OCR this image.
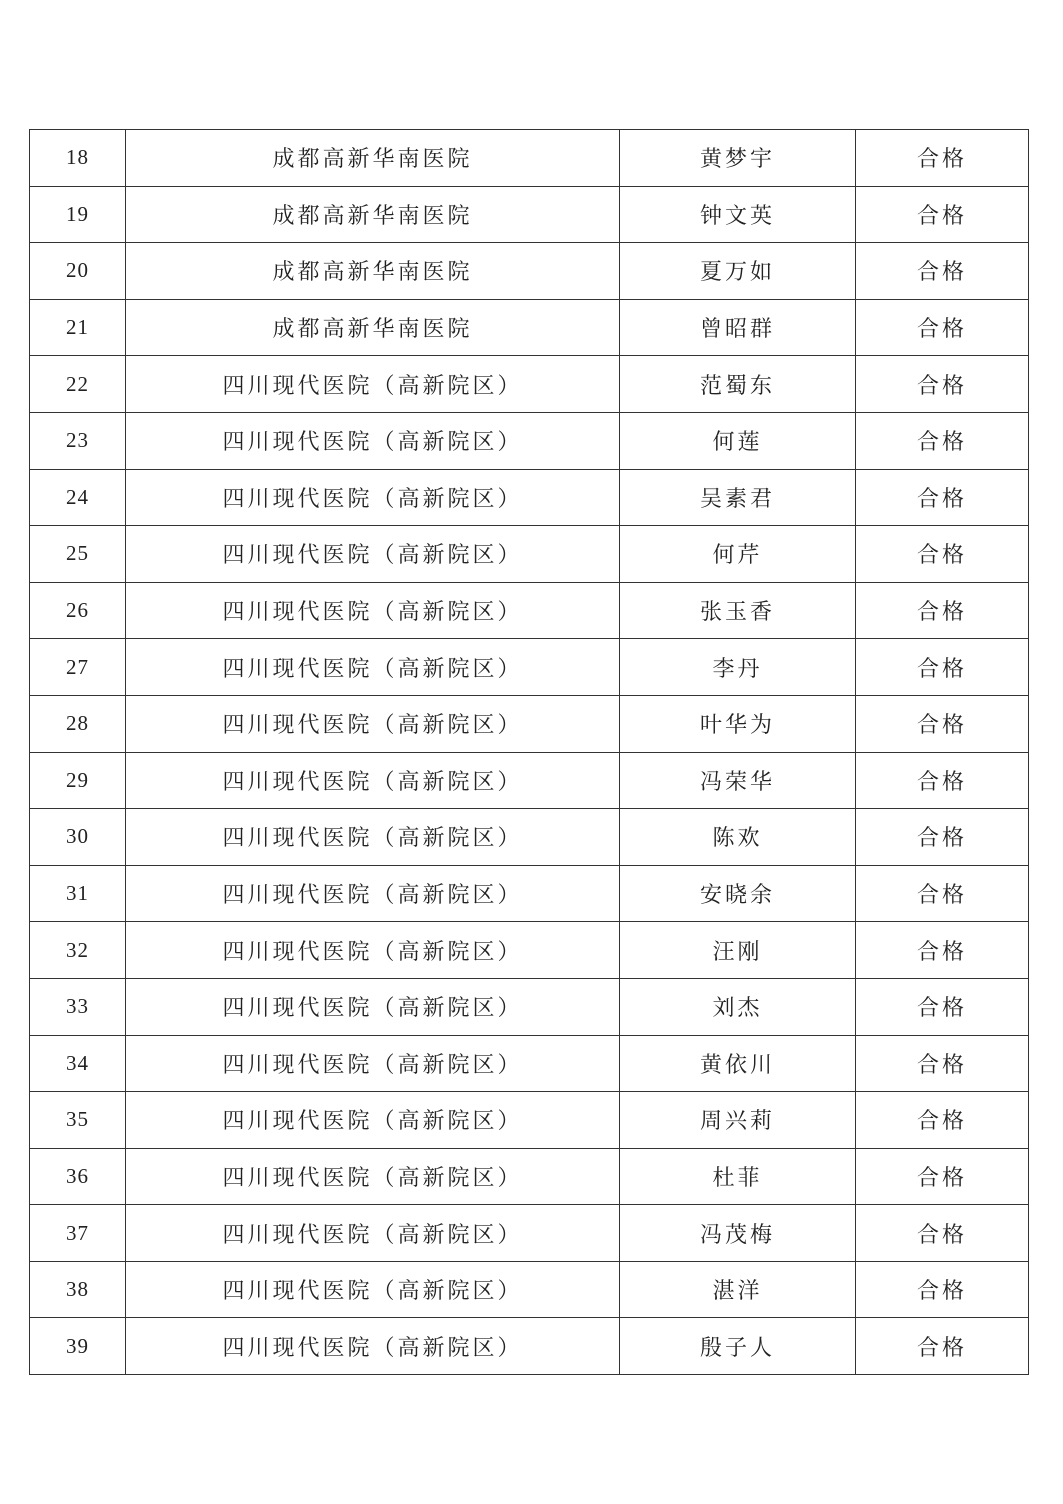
18	成都高新华南医院	黄梦宇	合格
19	成都高新华南医院	钟文英	合格
20	成都高新华南医院	夏万如	合格
21	成都高新华南医院	曾昭群	合格
22	四川现代医院（高新院区）	范蜀东	合格
23	四川现代医院（高新院区）	何莲	合格
24	四川现代医院（高新院区）	吴素君	合格
25	四川现代医院（高新院区）	何芹	合格
26	四川现代医院（高新院区）	张玉香	合格
27	四川现代医院（高新院区）	李丹	合格
28	四川现代医院（高新院区）	叶华为	合格
29	四川现代医院（高新院区）	冯荣华	合格
30	四川现代医院（高新院区）	陈欢	合格
31	四川现代医院（高新院区）	安晓余	合格
32	四川现代医院（高新院区）	汪刚	合格
33	四川现代医院（高新院区）	刘杰	合格
34	四川现代医院（高新院区）	黄依川	合格
35	四川现代医院（高新院区）	周兴莉	合格
36	四川现代医院（高新院区）	杜菲	合格
37	四川现代医院（高新院区）	冯茂梅	合格
38	四川现代医院（高新院区）	湛洋	合格
39	四川现代医院（高新院区）	殷子人	合格
